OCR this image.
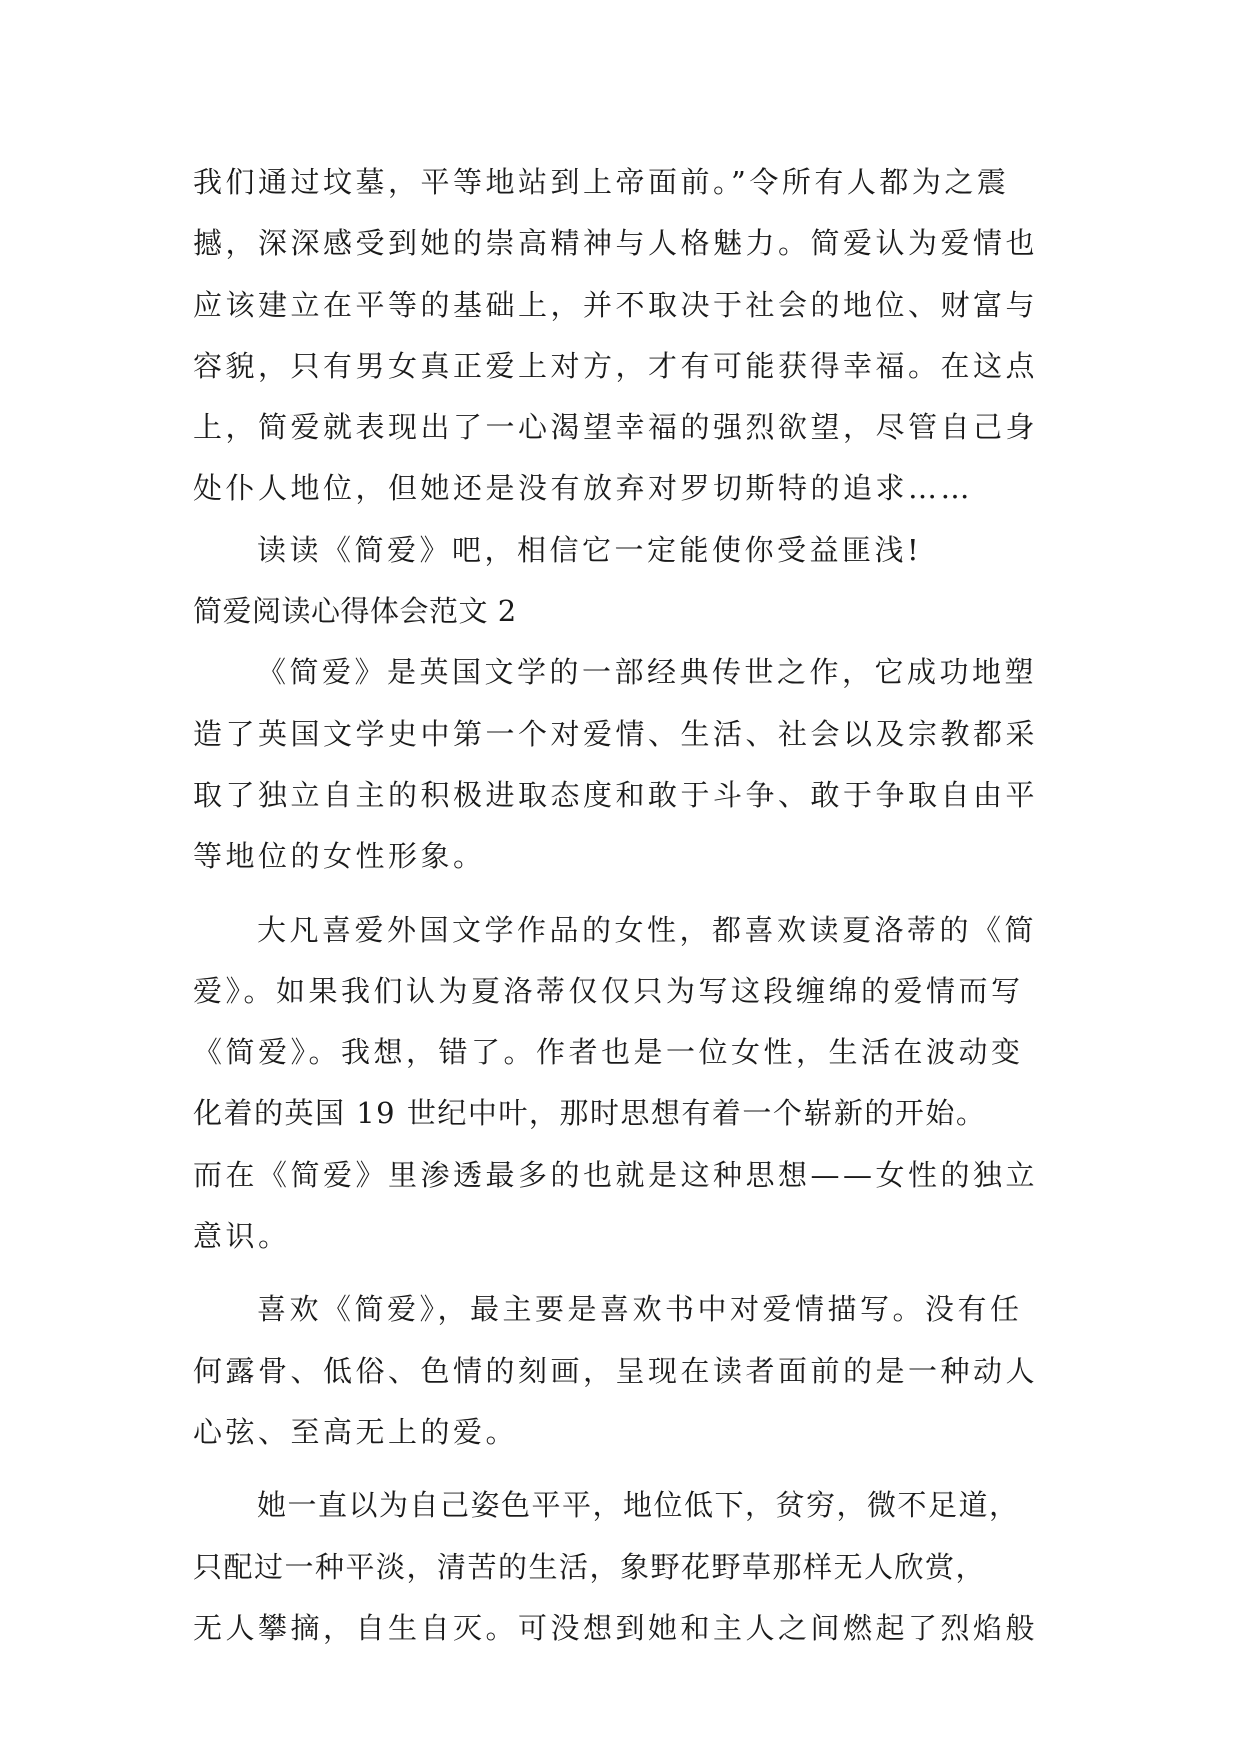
我们通过坟墓，平等地站到上帝面前。”令所有人都为之震
撼，深深感受到她的崇高精神与人格魅力。简爱认为爱情也
应该建立在平等的基础上，并不取决于社会的地位、财富与
容貌，只有男女真正爱上对方，才有可能获得幸福。在这点
上，简爱就表现出了一心渴望幸福的强烈欲望，尽管自己身
处仆人地位，但她还是没有放弃对罗切斯特的追求……
读读《简爱》吧，相信它一定能使你受益匪浅!
简爱阅读心得体会范文 2
《简爱》是英国文学的一部经典传世之作，它成功地塑
造了英国文学史中第一个对爱情、生活、社会以及宗教都采
取了独立自主的积极进取态度和敢于斗争、敢于争取自由平
等地位的女性形象。
大凡喜爱外国文学作品的女性，都喜欢读夏洛蒂的《简
爱》。如果我们认为夏洛蒂仅仅只为写这段缠绵的爱情而写
《简爱》。我想，错了。作者也是一位女性，生活在波动变
化着的英国 19 世纪中叶，那时思想有着一个崭新的开始。
而在《简爱》里渗透最多的也就是这种思想——女性的独立
意识。
喜欢《简爱》，最主要是喜欢书中对爱情描写。没有任
何露骨、低俗、色情的刻画，呈现在读者面前的是一种动人
心弦、至高无上的爱。
她一直以为自己姿色平平，地位低下，贫穷，微不足道，
只配过一种平淡，清苦的生活，象野花野草那样无人欣赏，
无人攀摘，自生自灭。可没想到她和主人之间燃起了烈焰般
